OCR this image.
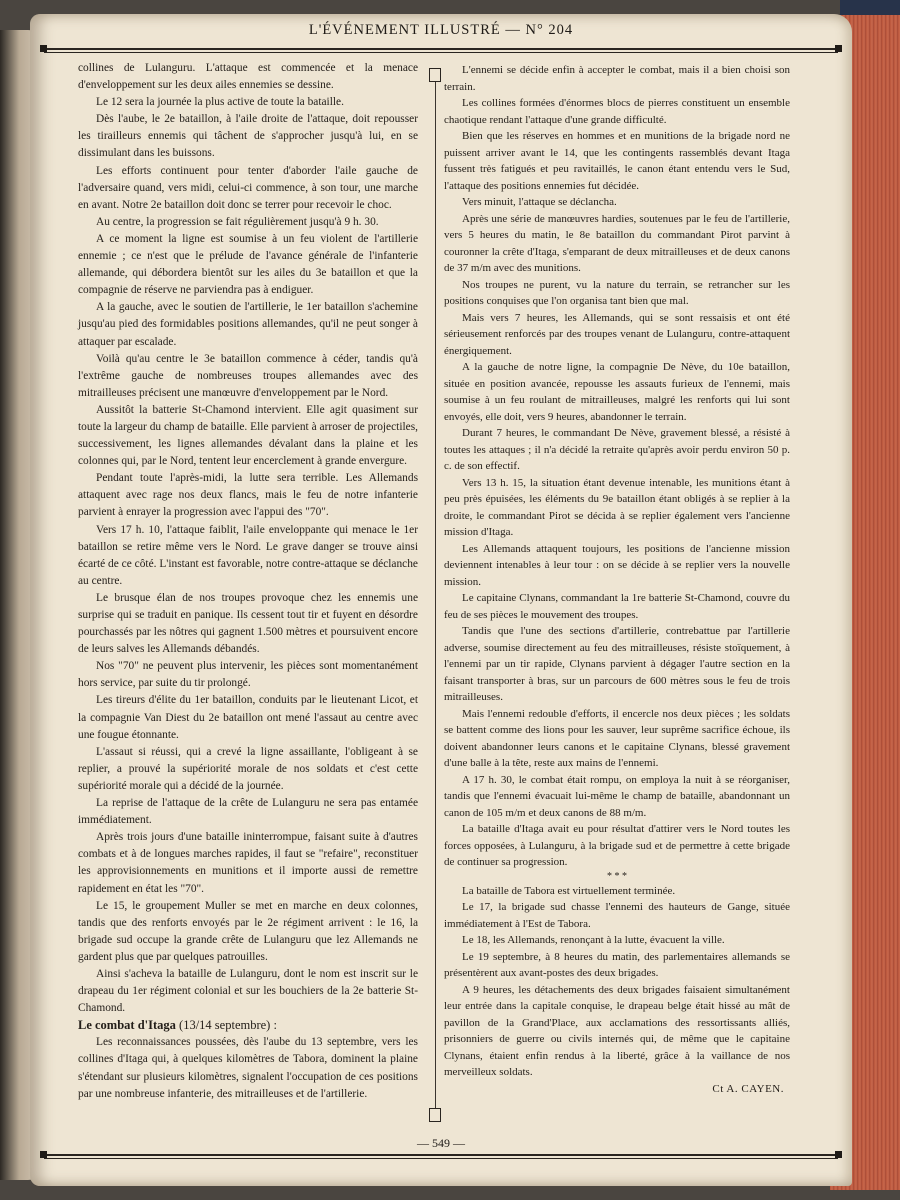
L'ÉVÉNEMENT ILLUSTRÉ — N° 204

collines de Lulanguru. L'attaque est commencée et la menace d'enveloppement sur les deux ailes ennemies se dessine.

Le 12 sera la journée la plus active de toute la bataille.

Dès l'aube, le 2e bataillon, à l'aile droite de l'attaque, doit repousser les tirailleurs ennemis qui tâchent de s'approcher jusqu'à lui, en se dissimulant dans les buissons.

Les efforts continuent pour tenter d'aborder l'aile gauche de l'adversaire quand, vers midi, celui-ci commence, à son tour, une marche en avant. Notre 2e bataillon doit donc se terrer pour recevoir le choc.

Au centre, la progression se fait régulièrement jusqu'à 9 h. 30.

A ce moment la ligne est soumise à un feu violent de l'artillerie ennemie ; ce n'est que le prélude de l'avance générale de l'infanterie allemande, qui débordera bientôt sur les ailes du 3e bataillon et que la compagnie de réserve ne parviendra pas à endiguer.

A la gauche, avec le soutien de l'artillerie, le 1er bataillon s'achemine jusqu'au pied des formidables positions allemandes, qu'il ne peut songer à attaquer par escalade.

Voilà qu'au centre le 3e bataillon commence à céder, tandis qu'à l'extrême gauche de nombreuses troupes allemandes avec des mitrailleuses précisent une manœuvre d'enveloppement par le Nord.

Aussitôt la batterie St-Chamond intervient. Elle agit quasiment sur toute la largeur du champ de bataille. Elle parvient à arroser de projectiles, successivement, les lignes allemandes dévalant dans la plaine et les colonnes qui, par le Nord, tentent leur encerclement à grande envergure.

Pendant toute l'après-midi, la lutte sera terrible. Les Allemands attaquent avec rage nos deux flancs, mais le feu de notre infanterie parvient à enrayer la progression avec l'appui des "70".

Vers 17 h. 10, l'attaque faiblit, l'aile enveloppante qui menace le 1er bataillon se retire même vers le Nord. Le grave danger se trouve ainsi écarté de ce côté. L'instant est favorable, notre contre-attaque se déclanche au centre.

Le brusque élan de nos troupes provoque chez les ennemis une surprise qui se traduit en panique. Ils cessent tout tir et fuyent en désordre pourchassés par les nôtres qui gagnent 1.500 mètres et poursuivent encore de leurs salves les Allemands débandés.

Nos "70" ne peuvent plus intervenir, les pièces sont momentanément hors service, par suite du tir prolongé.

Les tireurs d'élite du 1er bataillon, conduits par le lieutenant Licot, et la compagnie Van Diest du 2e bataillon ont mené l'assaut au centre avec une fougue étonnante.

L'assaut si réussi, qui a crevé la ligne assaillante, l'obligeant à se replier, a prouvé la supériorité morale de nos soldats et c'est cette supériorité morale qui a décidé de la journée.

La reprise de l'attaque de la crête de Lulanguru ne sera pas entamée immédiatement.

Après trois jours d'une bataille ininterrompue, faisant suite à d'autres combats et à de longues marches rapides, il faut se "refaire", reconstituer les approvisionnements en munitions et il importe aussi de remettre rapidement en état les "70".

Le 15, le groupement Muller se met en marche en deux colonnes, tandis que des renforts envoyés par le 2e régiment arrivent : le 16, la brigade sud occupe la grande crête de Lulanguru que lez Allemands ne gardent plus que par quelques patrouilles.

Ainsi s'acheva la bataille de Lulanguru, dont le nom est inscrit sur le drapeau du 1er régiment colonial et sur les bouchiers de la 2e batterie St-Chamond.

Le combat d'Itaga (13/14 septembre) :

Les reconnaissances poussées, dès l'aube du 13 septembre, vers les collines d'Itaga qui, à quelques kilomètres de Tabora, dominent la plaine s'étendant sur plusieurs kilomètres, signalent l'occupation de ces positions par une nombreuse infanterie, des mitrailleuses et de l'artillerie.

L'ennemi se décide enfin à accepter le combat, mais il a bien choisi son terrain.

Les collines formées d'énormes blocs de pierres constituent un ensemble chaotique rendant l'attaque d'une grande difficulté.

Bien que les réserves en hommes et en munitions de la brigade nord ne puissent arriver avant le 14, que les contingents rassemblés devant Itaga fussent très fatigués et peu ravitaillés, le canon étant entendu vers le Sud, l'attaque des positions ennemies fut décidée.

Vers minuit, l'attaque se déclancha.

Après une série de manœuvres hardies, soutenues par le feu de l'artillerie, vers 5 heures du matin, le 8e bataillon du commandant Pirot parvint à couronner la crête d'Itaga, s'emparant de deux mitrailleuses et de deux canons de 37 m/m avec des munitions.

Nos troupes ne purent, vu la nature du terrain, se retrancher sur les positions conquises que l'on organisa tant bien que mal.

Mais vers 7 heures, les Allemands, qui se sont ressaisis et ont été sérieusement renforcés par des troupes venant de Lulanguru, contre-attaquent énergiquement.

A la gauche de notre ligne, la compagnie De Nève, du 10e bataillon, située en position avancée, repousse les assauts furieux de l'ennemi, mais soumise à un feu roulant de mitrailleuses, malgré les renforts qui lui sont envoyés, elle doit, vers 9 heures, abandonner le terrain.

Durant 7 heures, le commandant De Nève, gravement blessé, a résisté à toutes les attaques ; il n'a décidé la retraite qu'après avoir perdu environ 50 p. c. de son effectif.

Vers 13 h. 15, la situation étant devenue intenable, les munitions étant à peu près épuisées, les éléments du 9e bataillon étant obligés à se replier à la droite, le commandant Pirot se décida à se replier également vers l'ancienne mission d'Itaga.

Les Allemands attaquent toujours, les positions de l'ancienne mission deviennent intenables à leur tour : on se décide à se replier vers la nouvelle mission.

Le capitaine Clynans, commandant la 1re batterie St-Chamond, couvre du feu de ses pièces le mouvement des troupes.

Tandis que l'une des sections d'artillerie, contrebattue par l'artillerie adverse, soumise directement au feu des mitrailleuses, résiste stoïquement, à l'ennemi par un tir rapide, Clynans parvient à dégager l'autre section en la faisant transporter à bras, sur un parcours de 600 mètres sous le feu de trois mitrailleuses.

Mais l'ennemi redouble d'efforts, il encercle nos deux pièces ; les soldats se battent comme des lions pour les sauver, leur suprême sacrifice échoue, ils doivent abandonner leurs canons et le capitaine Clynans, blessé gravement d'une balle à la tête, reste aux mains de l'ennemi.

A 17 h. 30, le combat était rompu, on employa la nuit à se réorganiser, tandis que l'ennemi évacuait lui-même le champ de bataille, abandonnant un canon de 105 m/m et deux canons de 88 m/m.

La bataille d'Itaga avait eu pour résultat d'attirer vers le Nord toutes les forces opposées, à Lulanguru, à la brigade sud et de permettre à cette brigade de continuer sa progression.

* * *

La bataille de Tabora est virtuellement terminée.

Le 17, la brigade sud chasse l'ennemi des hauteurs de Gange, située immédiatement à l'Est de Tabora.

Le 18, les Allemands, renonçant à la lutte, évacuent la ville.

Le 19 septembre, à 8 heures du matin, des parlementaires allemands se présentèrent aux avant-postes des deux brigades.

A 9 heures, les détachements des deux brigades faisaient simultanément leur entrée dans la capitale conquise, le drapeau belge était hissé au mât de pavillon de la Grand'Place, aux acclamations des ressortissants alliés, prisonniers de guerre ou civils internés qui, de même que le capitaine Clynans, étaient enfin rendus à la liberté, grâce à la vaillance de nos merveilleux soldats.

Ct A. CAYEN.

— 549 —
